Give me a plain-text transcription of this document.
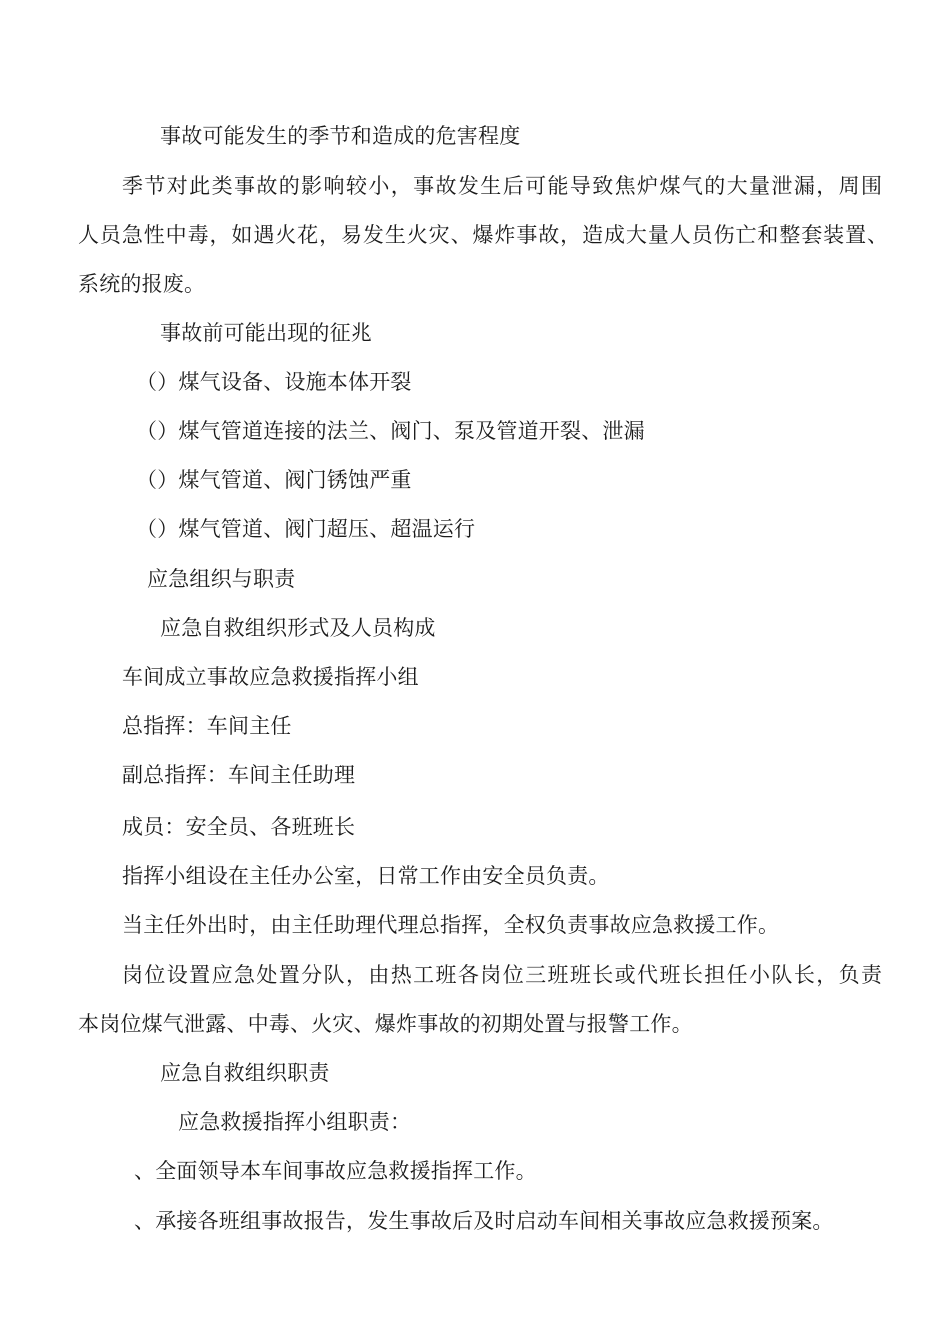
事故可能发生的季节和造成的危害程度
季节对此类事故的影响较小，事故发生后可能导致焦炉煤气的大量泄漏，周围
人员急性中毒，如遇火花，易发生火灾、爆炸事故，造成大量人员伤亡和整套装置、
系统的报废。
事故前可能出现的征兆
（）煤气设备、设施本体开裂
（）煤气管道连接的法兰、阀门、泵及管道开裂、泄漏
（）煤气管道、阀门锈蚀严重
（）煤气管道、阀门超压、超温运行
应急组织与职责
应急自救组织形式及人员构成
车间成立事故应急救援指挥小组
总指挥：车间主任
副总指挥：车间主任助理
成员：安全员、各班班长
指挥小组设在主任办公室，日常工作由安全员负责。
当主任外出时，由主任助理代理总指挥，全权负责事故应急救援工作。
岗位设置应急处置分队，由热工班各岗位三班班长或代班长担任小队长，负责
本岗位煤气泄露、中毒、火灾、爆炸事故的初期处置与报警工作。
应急自救组织职责
应急救援指挥小组职责：
、全面领导本车间事故应急救援指挥工作。
、承接各班组事故报告，发生事故后及时启动车间相关事故应急救援预案。
